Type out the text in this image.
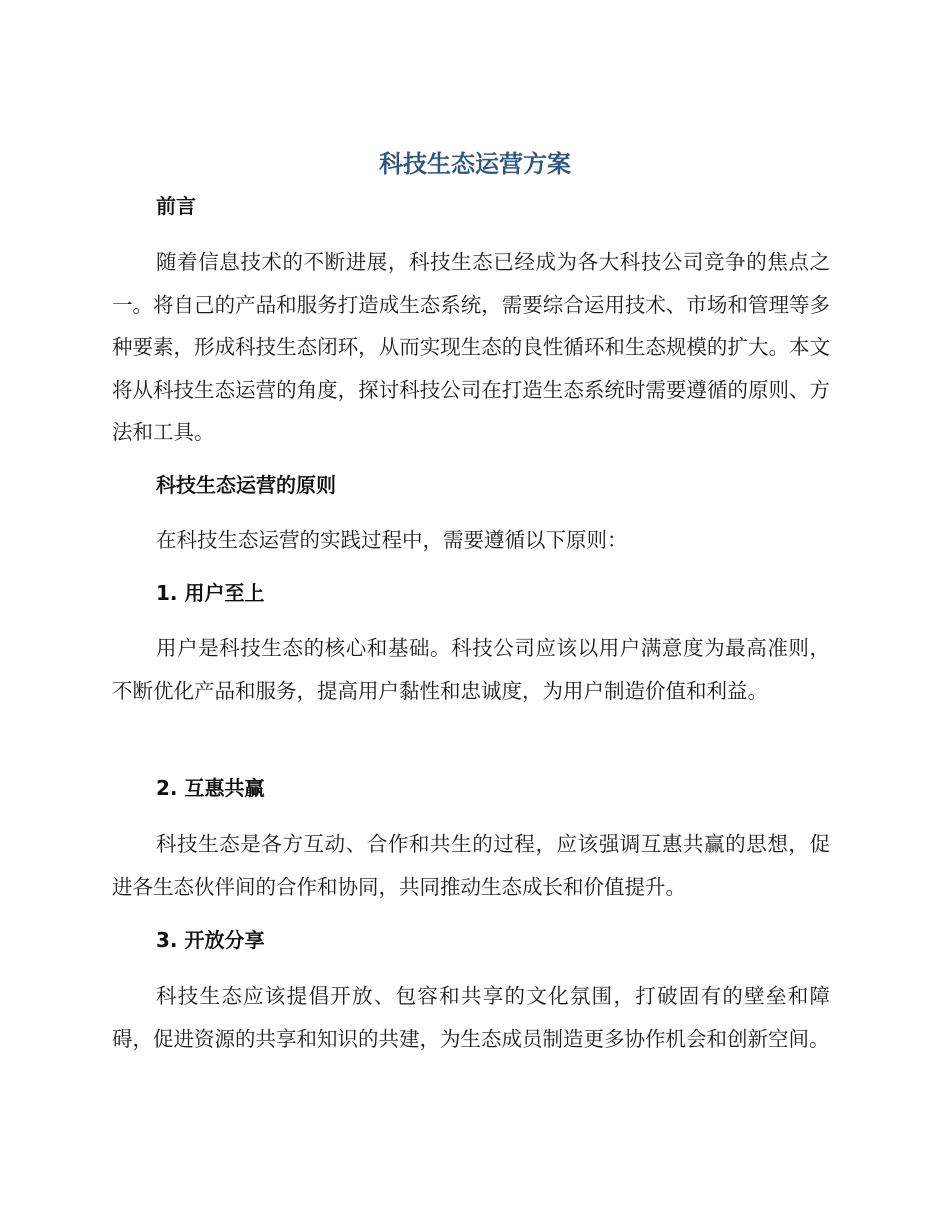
科技生态运营方案
前言
随着信息技术的不断进展，科技生态已经成为各大科技公司竞争的焦点之一。将自己的产品和服务打造成生态系统，需要综合运用技术、市场和管理等多种要素，形成科技生态闭环，从而实现生态的良性循环和生态规模的扩大。本文将从科技生态运营的角度，探讨科技公司在打造生态系统时需要遵循的原则、方法和工具。
科技生态运营的原则
在科技生态运营的实践过程中，需要遵循以下原则：
1. 用户至上
用户是科技生态的核心和基础。科技公司应该以用户满意度为最高准则，不断优化产品和服务，提高用户黏性和忠诚度，为用户制造价值和利益。
2. 互惠共赢
科技生态是各方互动、合作和共生的过程，应该强调互惠共赢的思想，促进各生态伙伴间的合作和协同，共同推动生态成长和价值提升。
3. 开放分享
科技生态应该提倡开放、包容和共享的文化氛围，打破固有的壁垒和障碍，促进资源的共享和知识的共建，为生态成员制造更多协作机会和创新空间。
